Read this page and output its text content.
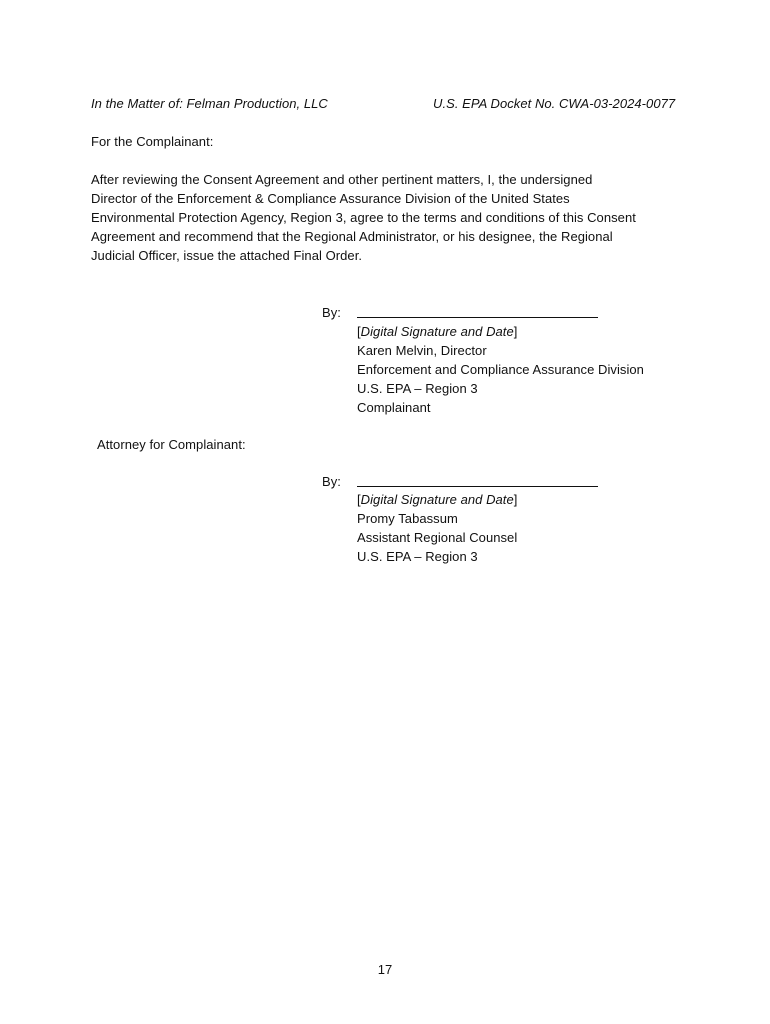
In the Matter of: Felman Production, LLC	U.S. EPA Docket No. CWA-03-2024-0077
For the Complainant:
After reviewing the Consent Agreement and other pertinent matters, I, the undersigned
Director of the Enforcement & Compliance Assurance Division of the United States
Environmental Protection Agency, Region 3, agree to the terms and conditions of this Consent
Agreement and recommend that the Regional Administrator, or his designee, the Regional
Judicial Officer, issue the attached Final Order.
By:
[Digital Signature and Date]
Karen Melvin, Director
Enforcement and Compliance Assurance Division
U.S. EPA – Region 3
Complainant
Attorney for Complainant:
By:
[Digital Signature and Date]
Promy Tabassum
Assistant Regional Counsel
U.S. EPA – Region 3
17
